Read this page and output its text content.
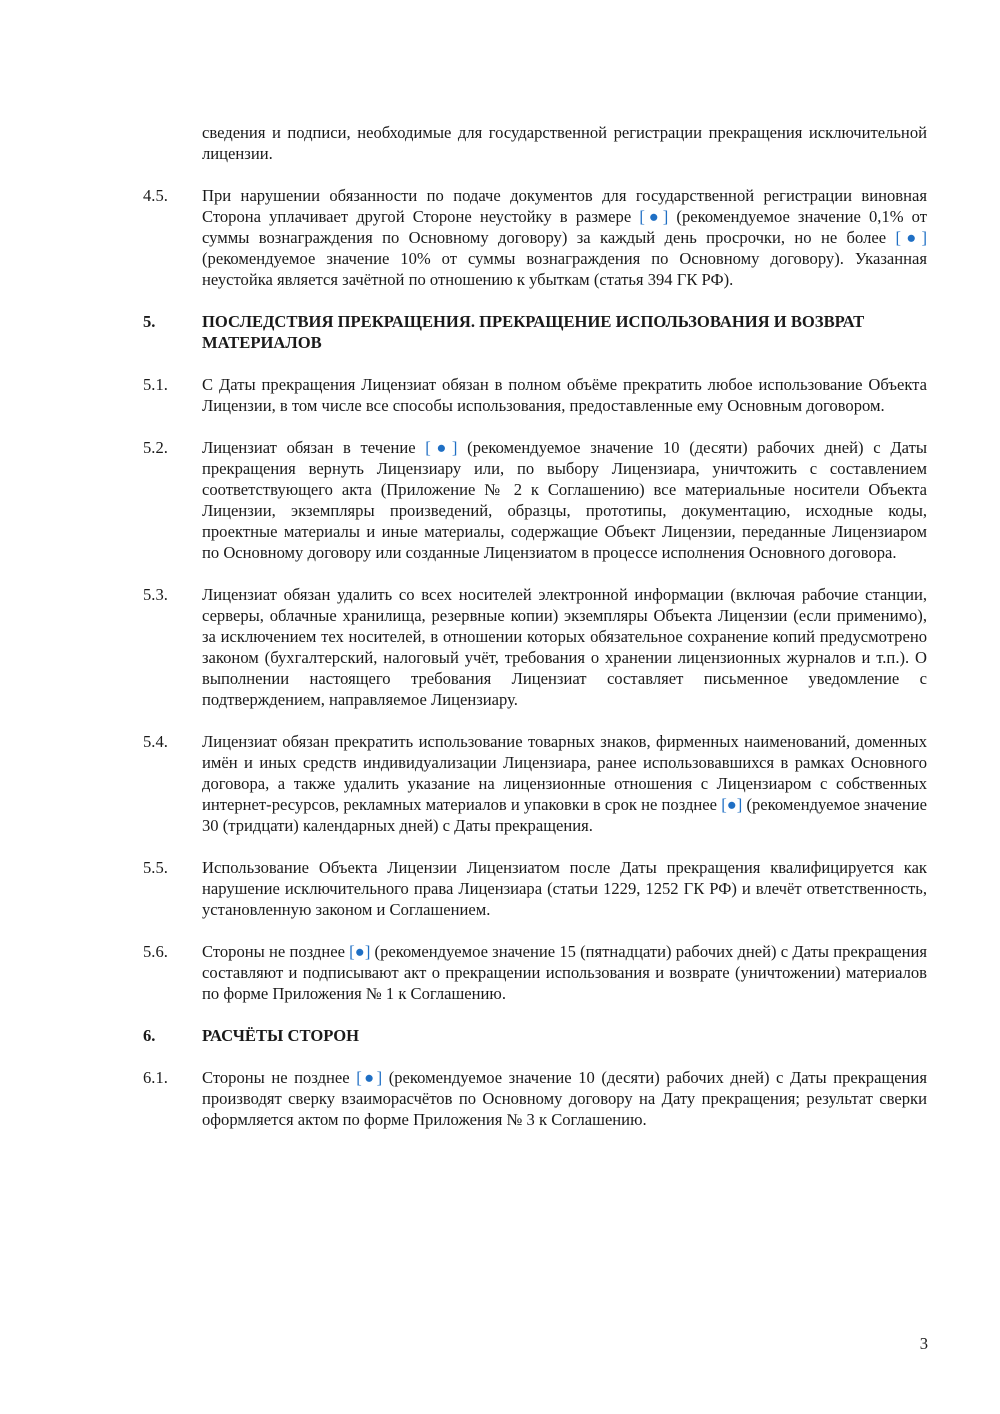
сведения и подписи, необходимые для государственной регистрации прекращения исключительной лицензии.
4.5.	При нарушении обязанности по подаче документов для государственной регистрации виновная Сторона уплачивает другой Стороне неустойку в размере [●] (рекомендуемое значение 0,1% от суммы вознаграждения по Основному договору) за каждый день просрочки, но не более [●] (рекомендуемое значение 10% от суммы вознаграждения по Основному договору). Указанная неустойка является зачётной по отношению к убыткам (статья 394 ГК РФ).
5.	ПОСЛЕДСТВИЯ ПРЕКРАЩЕНИЯ. ПРЕКРАЩЕНИЕ ИСПОЛЬЗОВАНИЯ И ВОЗВРАТ МАТЕРИАЛОВ
5.1.	С Даты прекращения Лицензиат обязан в полном объёме прекратить любое использование Объекта Лицензии, в том числе все способы использования, предоставленные ему Основным договором.
5.2.	Лицензиат обязан в течение [●] (рекомендуемое значение 10 (десяти) рабочих дней) с Даты прекращения вернуть Лицензиару или, по выбору Лицензиара, уничтожить с составлением соответствующего акта (Приложение № 2 к Соглашению) все материальные носители Объекта Лицензии, экземпляры произведений, образцы, прототипы, документацию, исходные коды, проектные материалы и иные материалы, содержащие Объект Лицензии, переданные Лицензиаром по Основному договору или созданные Лицензиатом в процессе исполнения Основного договора.
5.3.	Лицензиат обязан удалить со всех носителей электронной информации (включая рабочие станции, серверы, облачные хранилища, резервные копии) экземпляры Объекта Лицензии (если применимо), за исключением тех носителей, в отношении которых обязательное сохранение копий предусмотрено законом (бухгалтерский, налоговый учёт, требования о хранении лицензионных журналов и т.п.). О выполнении настоящего требования Лицензиат составляет письменное уведомление с подтверждением, направляемое Лицензиару.
5.4.	Лицензиат обязан прекратить использование товарных знаков, фирменных наименований, доменных имён и иных средств индивидуализации Лицензиара, ранее использовавшихся в рамках Основного договора, а также удалить указание на лицензионные отношения с Лицензиаром с собственных интернет-ресурсов, рекламных материалов и упаковки в срок не позднее [●] (рекомендуемое значение 30 (тридцати) календарных дней) с Даты прекращения.
5.5.	Использование Объекта Лицензии Лицензиатом после Даты прекращения квалифицируется как нарушение исключительного права Лицензиара (статьи 1229, 1252 ГК РФ) и влечёт ответственность, установленную законом и Соглашением.
5.6.	Стороны не позднее [●] (рекомендуемое значение 15 (пятнадцати) рабочих дней) с Даты прекращения составляют и подписывают акт о прекращении использования и возврате (уничтожении) материалов по форме Приложения № 1 к Соглашению.
6.	РАСЧЁТЫ СТОРОН
6.1.	Стороны не позднее [●] (рекомендуемое значение 10 (десяти) рабочих дней) с Даты прекращения производят сверку взаиморасчётов по Основному договору на Дату прекращения; результат сверки оформляется актом по форме Приложения № 3 к Соглашению.
3
